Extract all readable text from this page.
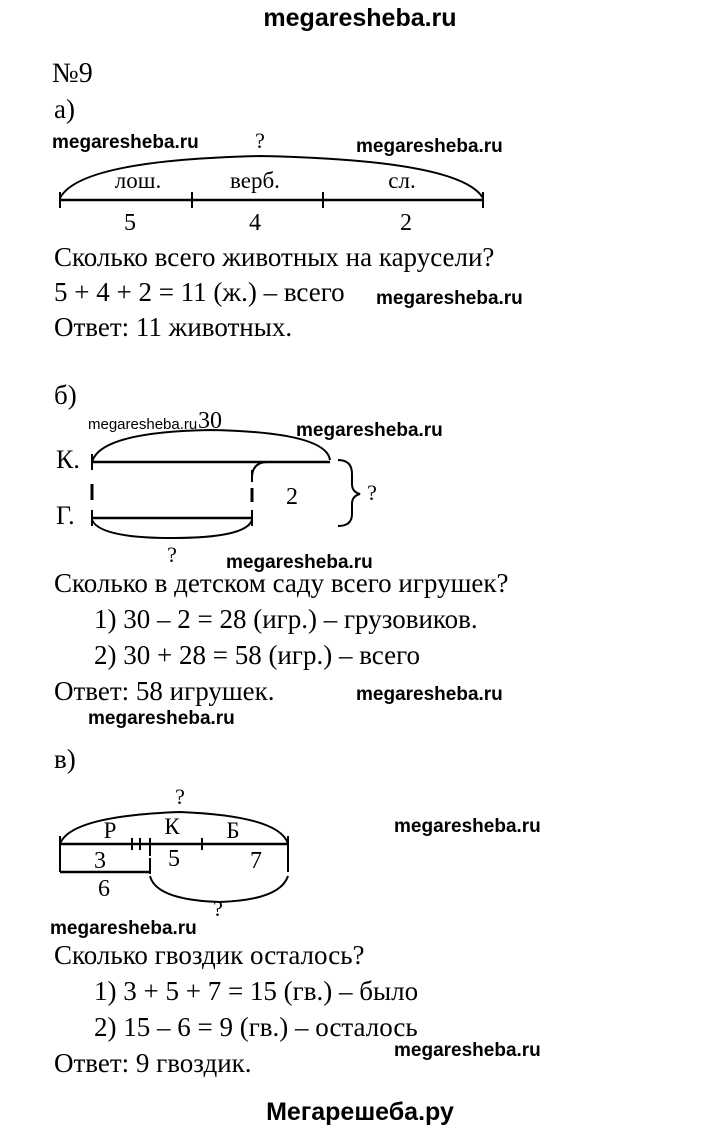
megaresheba.ru
Мегарешеба.ру
№9
а)
megaresheba.ru	megaresheba.ru
?
лош.	верб.	сл.
5	4	2
Сколько всего животных на карусели?
5 + 4 + 2 = 11 (ж.) – всего megaresheba.ru
Ответ: 11 животных.
б)
megaresheba.ru	megaresheba.ru
30
К.
Г.
2	?
?	megaresheba.ru
Сколько в детском саду всего игрушек?
1) 30 – 2 = 28 (игр.) – грузовиков.
2) 30 + 28 = 58 (игр.) – всего
Ответ: 58 игрушек.	megaresheba.ru
megaresheba.ru
в)
?
Р К Б
3	5	7
6
?
megaresheba.ru
megaresheba.ru
Сколько гвоздик осталось?
1) 3 + 5 + 7 = 15 (гв.) – было
2) 15 – 6 = 9 (гв.) – осталось
megaresheba.ru
Ответ: 9 гвоздик.
